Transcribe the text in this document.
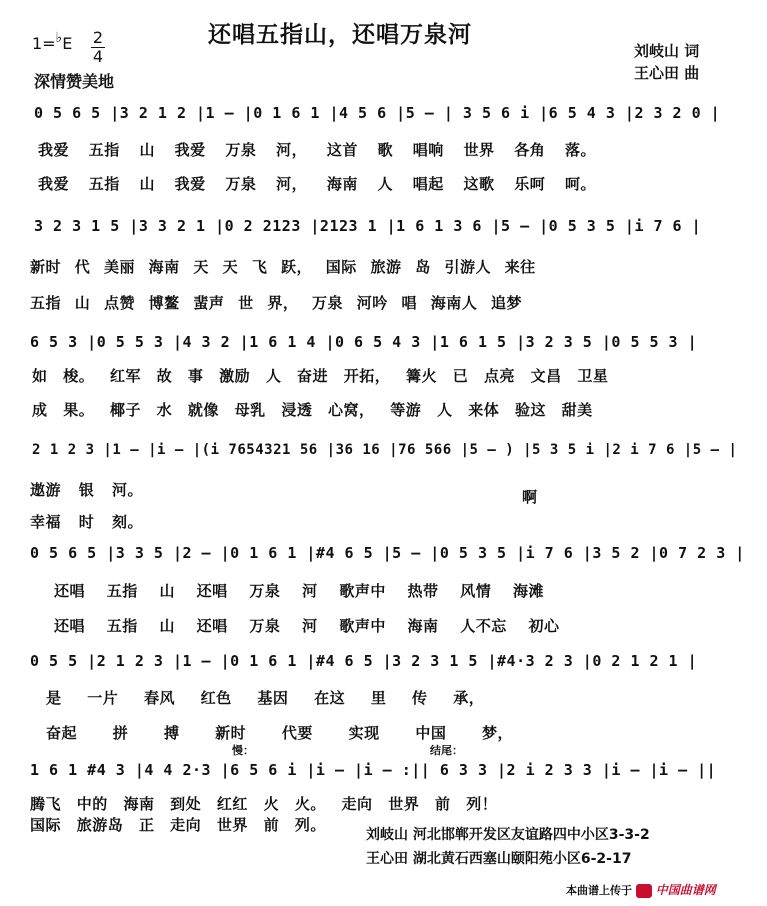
还唱五指山，还唱万泉河
1=♭E 2
4
深情赞美地
刘岐山 词
王心田 曲
0 5 6 5 |3 2 1 2 |1 – |0 1 6 1 |4 5 6 |5 – | 3 5 6 i |6 5 4 3 |2 3 2 0 |
我爱 五指 山 我爱 万泉 河， 这首 歌 唱响 世界 各角 落。
我爱 五指 山 我爱 万泉 河， 海南 人 唱起 这歌 乐呵 呵。
3 2 3 1 5 |3 3 2 1 |0 2 2123 |2123 1 |1 6 1 3 6 |5 – |0 5 3 5 |i 7 6 |
新时 代 美丽 海南 天 天 飞 跃， 国际 旅游 岛 引游人 来往
五指 山 点赞 博鳌 蜚声 世 界， 万泉 河吟 唱 海南人 追梦
6 5 3 |0 5 5 3 |4 3 2 |1 6 1 4 |0 6 5 4 3 |1 6 1 5 |3 2 3 5 |0 5 5 3 |
如 梭。 红军 故 事 激励 人 奋进 开拓， 篝火 已 点亮 文昌 卫星
成 果。 椰子 水 就像 母乳 浸透 心窝， 等游 人 来体 验这 甜美
2 1 2 3 |1 – |i – |(i 7654321 56 |36 16 |76 566 |5 – ) |5 3 5 i |2 i 7 6 |5 – |
遨游 银 河。	啊
幸福 时 刻。
0 5 6 5 |3 3 5 |2 – |0 1 6 1 |#4 6 5 |5 – |0 5 3 5 |i 7 6 |3 5 2 |0 7 2 3 |
还唱 五指 山 还唱 万泉 河 歌声中 热带 风情 海滩
还唱 五指 山 还唱 万泉 河 歌声中 海南 人不忘 初心
0 5 5 |2 1 2 3 |1 – |0 1 6 1 |#4 6 5 |3 2 3 1 5 |#4·3 2 3 |0 2 1 2 1 |
是 一片 春风 红色 基因 在这 里 传 承，
奋起 拼 搏 新时 代要 实现 中国 梦，
慢：	结尾：
1 6 1 #4 3 |4 4 2·3 |6 5 6 i |i – |i – :|| 6 3 3 |2 i 2 3 3 |i – |i – ||
腾飞 中的 海南 到处 红红 火 火。 走向 世界 前 列！
国际 旅游岛 正 走向 世界 前 列。
刘岐山 河北邯郸开发区友谊路四中小区3-3-2
王心田 湖北黄石西塞山颐阳苑小区6-2-17
本曲谱上传于 中国曲谱网
